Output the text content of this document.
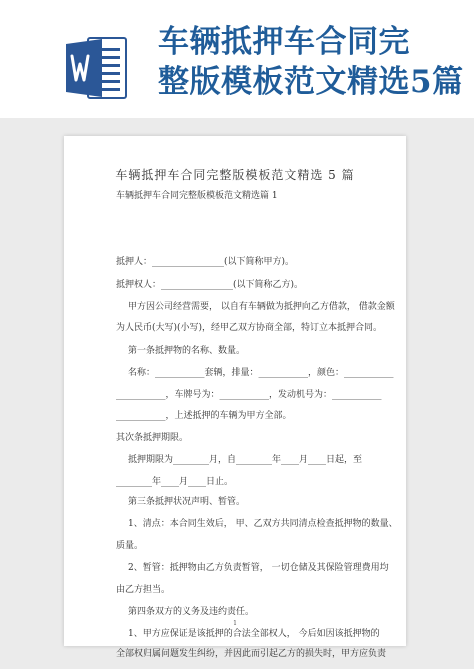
车辆抵押车合同完
整版模板范文精选5篇
车辆抵押车合同完整版模板范文精选 5 篇
车辆抵押车合同完整版模板范文精选篇 1
抵押人：________________(以下简称甲方)。
抵押权人：________________(以下简称乙方)。
甲方因公司经营需要， 以自有车辆做为抵押向乙方借款， 借款金额
为人民币(大写)(小写)，经甲乙双方协商全部，特订立本抵押合同。
第一条抵押物的名称、数量。
名称：___________套辆，排量：___________，颜色：___________
___________，车牌号为：___________，发动机号为：___________
___________，上述抵押的车辆为甲方全部。
其次条抵押期限。
抵押期限为________月，自________年____月____日起，至
________年____月____日止。
第三条抵押状况声明、暂管。
1、清点：本合同生效后， 甲、乙双方共同清点检查抵押物的数量、
质量。
2、暂管：抵押物由乙方负责暂管， 一切仓储及其保险管理费用均
由乙方担当。
第四条双方的义务及违约责任。
1、甲方应保证是该抵押的合法全部权人， 今后如因该抵押物的
全部权归属问题发生纠纷，并因此而引起乙方的损失时，甲方应负责
1
